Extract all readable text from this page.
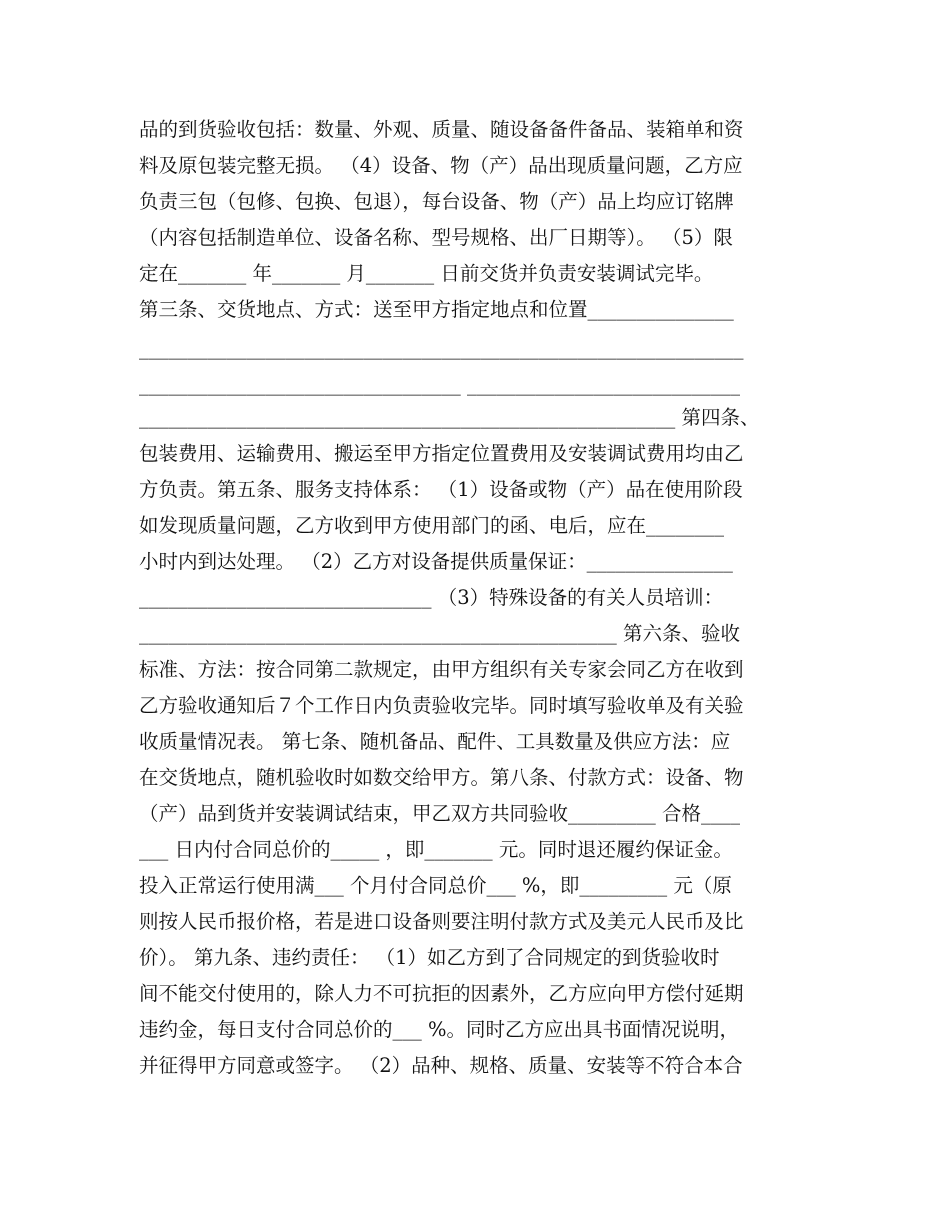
品的到货验收包括：数量、外观、质量、随设备备件备品、装箱单和资
料及原包装完整无损。 （4）设备、物（产）品出现质量问题，乙方应
负责三包（包修、包换、包退），每台设备、物（产）品上均应订铭牌
（内容包括制造单位、设备名称、型号规格、出厂日期等）。 （5）限
定在_______ 年_______ 月_______ 日前交货并负责安装调试完毕。
第三条、交货地点、方式：送至甲方指定地点和位置_______________
______________________________________________________________
_________________________________ ____________________________
_______________________________________________________ 第四条、
包装费用、运输费用、搬运至甲方指定位置费用及安装调试费用均由乙
方负责。第五条、服务支持体系： （1）设备或物（产）品在使用阶段
如发现质量问题，乙方收到甲方使用部门的函、电后，应在________
小时内到达处理。 （2）乙方对设备提供质量保证：_______________
______________________________ （3）特殊设备的有关人员培训：
_________________________________________________ 第六条、验收
标准、方法：按合同第二款规定，由甲方组织有关专家会同乙方在收到
乙方验收通知后７个工作日内负责验收完毕。同时填写验收单及有关验
收质量情况表。 第七条、随机备品、配件、工具数量及供应方法：应
在交货地点，随机验收时如数交给甲方。第八条、付款方式：设备、物
（产）品到货并安装调试结束，甲乙双方共同验收_________ 合格____
___ 日内付合同总价的_____ ，即_______ 元。同时退还履约保证金。
投入正常运行使用满___ 个月付合同总价___ %，即_________ 元（原
则按人民币报价格，若是进口设备则要注明付款方式及美元人民币及比
价）。 第九条、违约责任： （1）如乙方到了合同规定的到货验收时
间不能交付使用的，除人力不可抗拒的因素外，乙方应向甲方偿付延期
违约金，每日支付合同总价的___ %。同时乙方应出具书面情况说明，
并征得甲方同意或签字。 （2）品种、规格、质量、安装等不符合本合
